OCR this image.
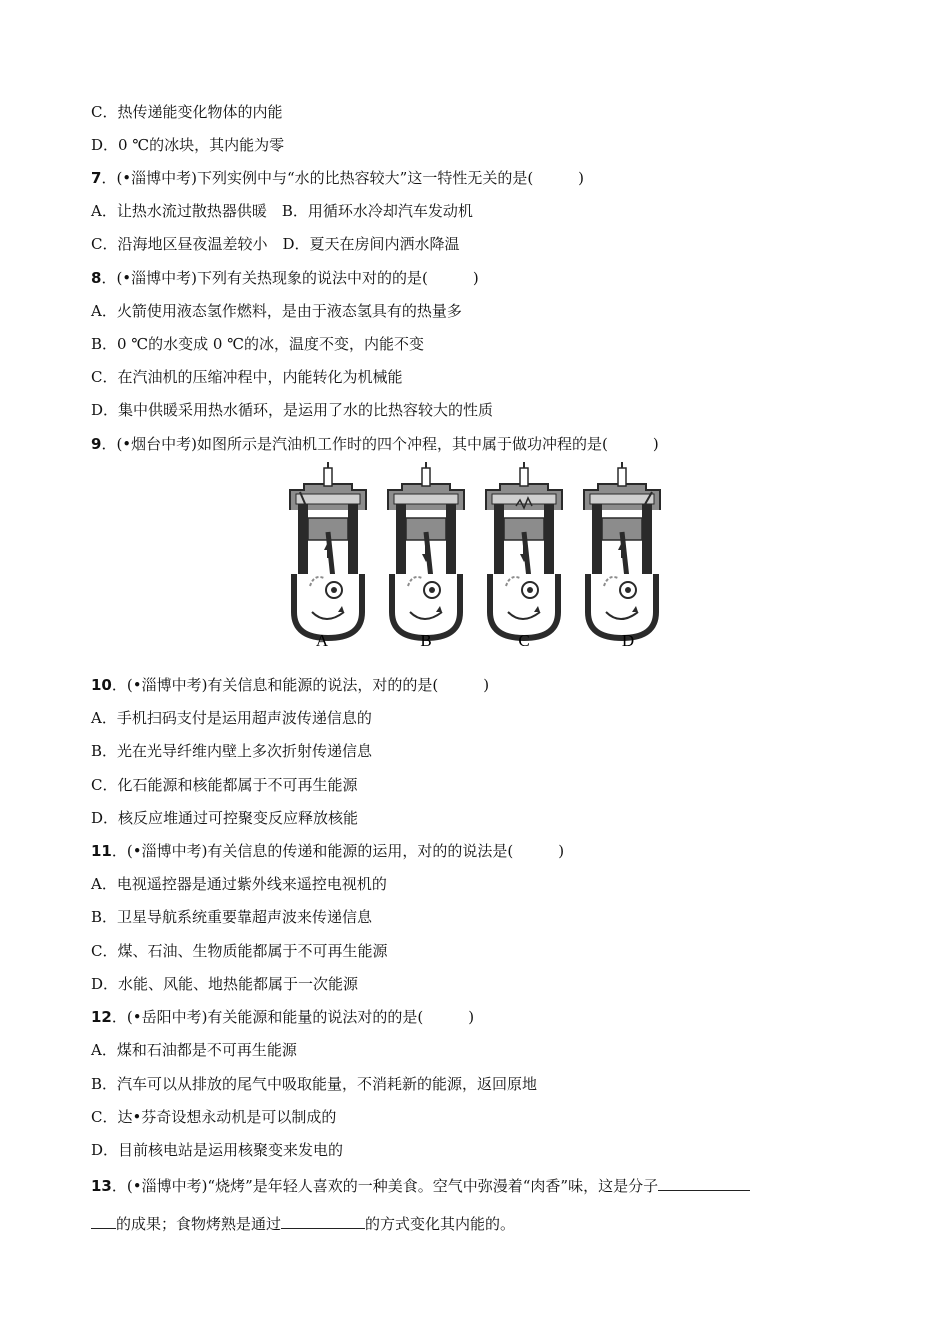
C．热传递能变化物体的内能
D．0 ℃的冰块，其内能为零
7．(•淄博中考)下列实例中与“水的比热容较大”这一特性无关的是(　　　)
A．让热水流过散热器供暖　B．用循环水冷却汽车发动机
C．沿海地区昼夜温差较小　D．夏天在房间内洒水降温
8．(•淄博中考)下列有关热现象的说法中对的的是(　　　)
A．火箭使用液态氢作燃料，是由于液态氢具有的热量多
B．0 ℃的水变成 0 ℃的冰，温度不变，内能不变
C．在汽油机的压缩冲程中，内能转化为机械能
D．集中供暖采用热水循环，是运用了水的比热容较大的性质
9．(•烟台中考)如图所示是汽油机工作时的四个冲程，其中属于做功冲程的是(　　　)
A	B	C	D
10．(•淄博中考)有关信息和能源的说法，对的的是(　　　)
A．手机扫码支付是运用超声波传递信息的
B．光在光导纤维内壁上多次折射传递信息
C．化石能源和核能都属于不可再生能源
D．核反应堆通过可控聚变反应释放核能
11．(•淄博中考)有关信息的传递和能源的运用，对的的说法是(　　　)
A．电视遥控器是通过紫外线来遥控电视机的
B．卫星导航系统重要靠超声波来传递信息
C．煤、石油、生物质能都属于不可再生能源
D．水能、风能、地热能都属于一次能源
12．(•岳阳中考)有关能源和能量的说法对的的是(　　　)
A．煤和石油都是不可再生能源
B．汽车可以从排放的尾气中吸取能量，不消耗新的能源，返回原地
C．达•芬奇设想永动机是可以制成的
D．目前核电站是运用核聚变来发电的
13．(•淄博中考)“烧烤”是年轻人喜欢的一种美食。空气中弥漫着“肉香”味，这是分子
的成果；食物烤熟是通过	的方式变化其内能的。
